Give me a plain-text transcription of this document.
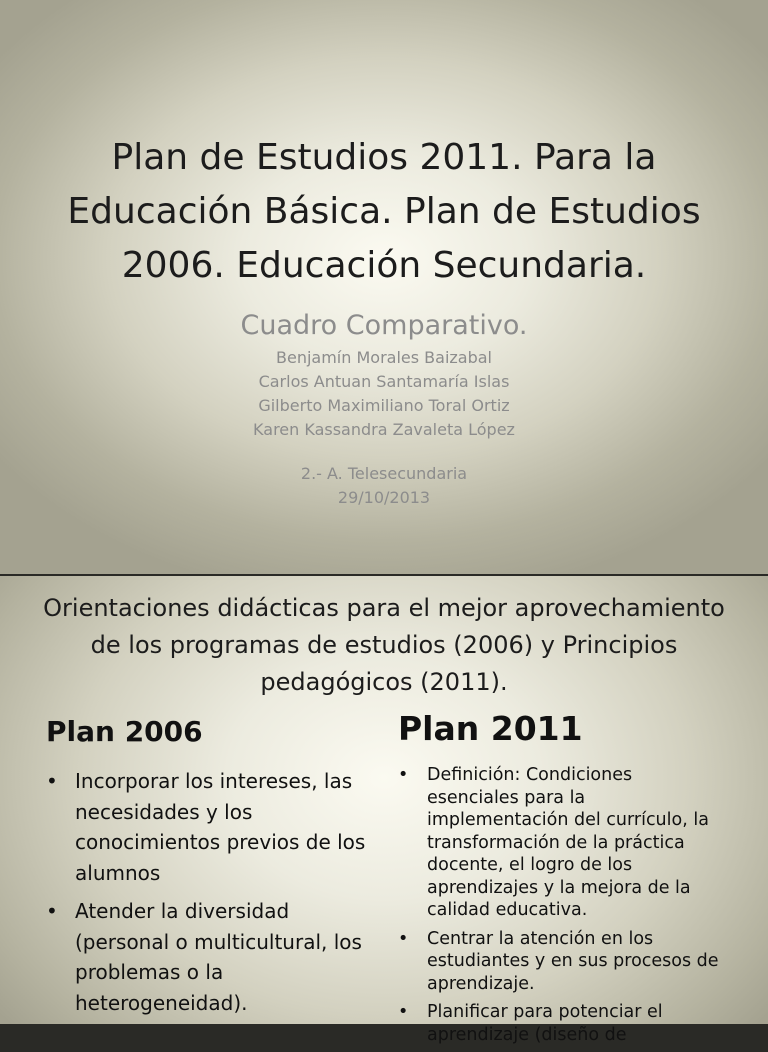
Plan de Estudios 2011. Para la Educación Básica. Plan de Estudios 2006. Educación Secundaria.
Cuadro Comparativo.
Benjamín Morales Baizabal
Carlos Antuan Santamaría Islas
Gilberto Maximiliano Toral Ortiz
Karen Kassandra Zavaleta López
2.- A. Telesecundaria
29/10/2013
Orientaciones didácticas para el mejor aprovechamiento de los programas de estudios (2006) y Principios pedagógicos (2011).
Plan 2006
• Incorporar los intereses, las necesidades y los conocimientos previos de los alumnos
• Atender la diversidad (personal o multicultural, los problemas o la heterogeneidad).
Plan 2011
• Definición: Condiciones esenciales para la implementación del currículo, la transformación de la práctica docente, el logro de los aprendizajes y la mejora de la calidad educativa.
• Centrar la atención en los estudiantes y en sus procesos de aprendizaje.
• Planificar para potenciar el aprendizaje (diseño de
